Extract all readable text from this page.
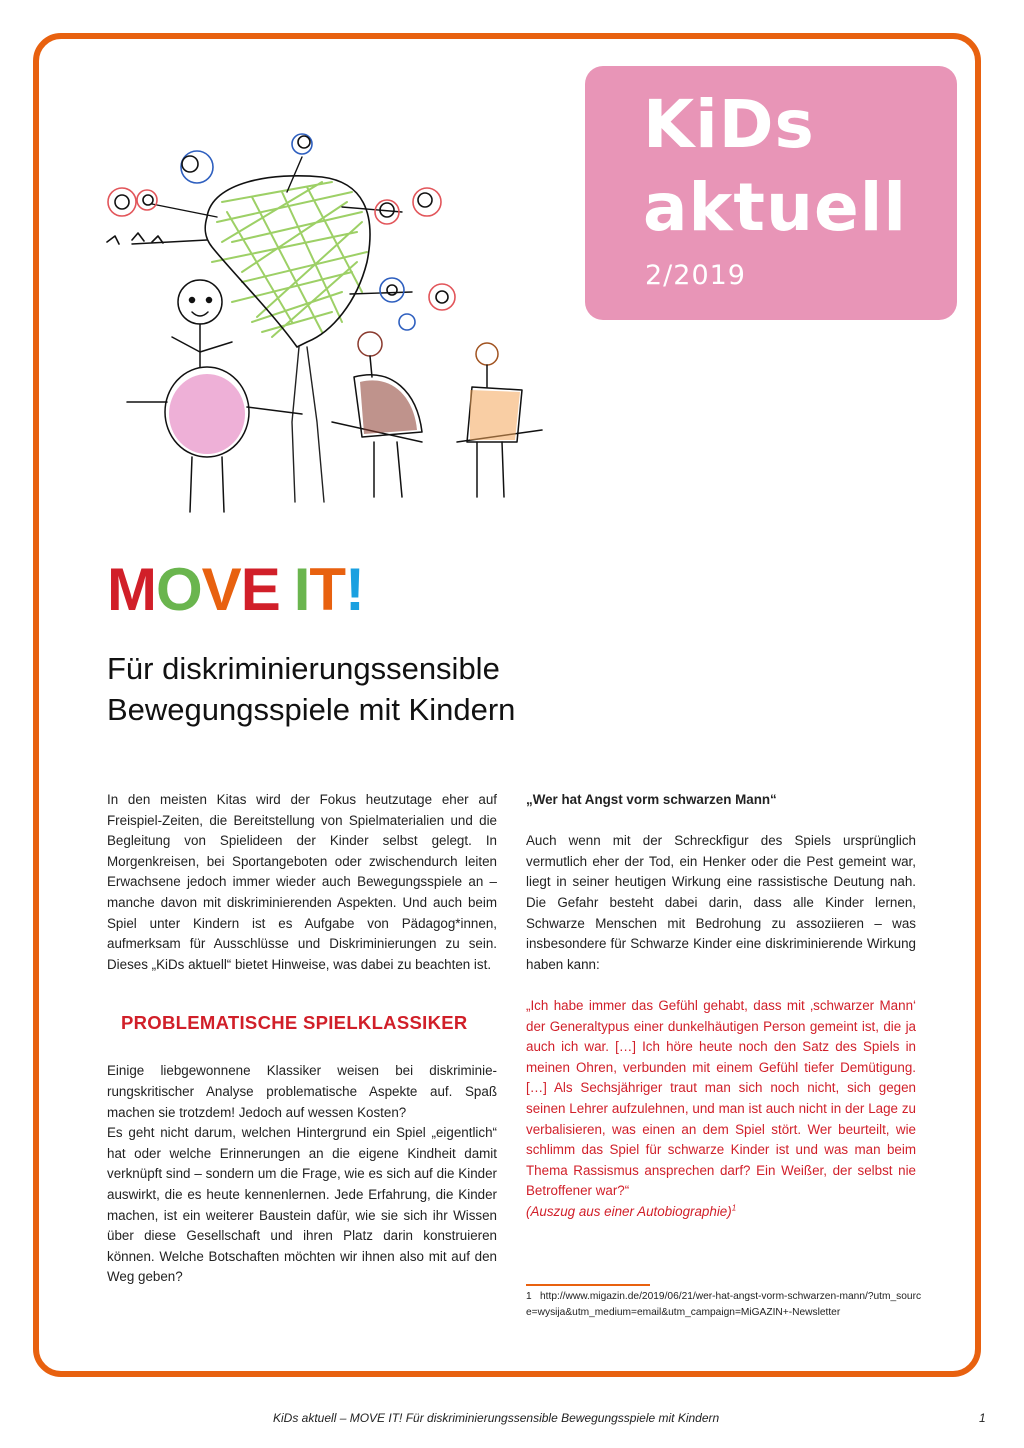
KiDs
aktuell
2/2019
MOVE IT!
Für diskriminierungssensible
Bewegungsspiele mit Kindern

In den meisten Kitas wird der Fokus heutzutage eher auf Freispiel-Zeiten, die Bereitstellung von Spielmaterialien und die Begleitung von Spielideen der Kinder selbst gelegt. In Morgenkreisen, bei Sportangeboten oder zwischendurch leiten Erwachsene jedoch immer wieder auch Bewegungsspiele an – manche davon mit diskriminierenden Aspekten. Und auch beim Spiel unter Kindern ist es Aufgabe von Pädagog*innen, aufmerksam für Ausschlüsse und Diskriminierungen zu sein. Dieses „KiDs aktuell“ bietet Hinweise, was dabei zu beachten ist.

PROBLEMATISCHE SPIELKLASSIKER

Einige liebgewonnene Klassiker weisen bei diskriminierungskritischer Analyse problematische Aspekte auf. Spaß machen sie trotzdem! Jedoch auf wessen Kosten?

Es geht nicht darum, welchen Hintergrund ein Spiel „eigentlich“ hat oder welche Erinnerungen an die eigene Kindheit damit verknüpft sind – sondern um die Frage, wie es sich auf die Kinder auswirkt, die es heute kennenlernen. Jede Erfahrung, die Kinder machen, ist ein weiterer Baustein dafür, wie sie sich ihr Wissen über diese Gesellschaft und ihren Platz darin konstruieren können. Welche Botschaften möchten wir ihnen also mit auf den Weg geben?

„Wer hat Angst vorm schwarzen Mann“

Auch wenn mit der Schreckfigur des Spiels ursprünglich vermutlich eher der Tod, ein Henker oder die Pest gemeint war, liegt in seiner heutigen Wirkung eine rassistische Deutung nah. Die Gefahr besteht dabei darin, dass alle Kinder lernen, Schwarze Menschen mit Bedrohung zu assoziieren – was insbesondere für Schwarze Kinder eine diskriminierende Wirkung haben kann:

„Ich habe immer das Gefühl gehabt, dass mit ‚schwarzer Mann‘ der Generaltypus einer dunkelhäutigen Person gemeint ist, die ja auch ich war. […] Ich höre heute noch den Satz des Spiels in meinen Ohren, verbunden mit einem Gefühl tiefer Demütigung. […] Als Sechsjähriger traut man sich noch nicht, sich gegen seinen Lehrer aufzulehnen, und man ist auch nicht in der Lage zu verbalisieren, was einen an dem Spiel stört. Wer beurteilt, wie schlimm das Spiel für schwarze Kinder ist und was man beim Thema Rassismus ansprechen darf? Ein Weißer, der selbst nie Betroffener war?“

(Auszug aus einer Autobiographie)$^1$

1 http://www.migazin.de/2019/06/21/wer-hat-angst-vorm-schwarzen-mann/?utm_source=wysija&utm_medium=email&utm_campaign=MiGAZIN+-Newsletter
KiDs aktuell – MOVE IT! Für diskriminierungssensible Bewegungsspiele mit Kindern	1
